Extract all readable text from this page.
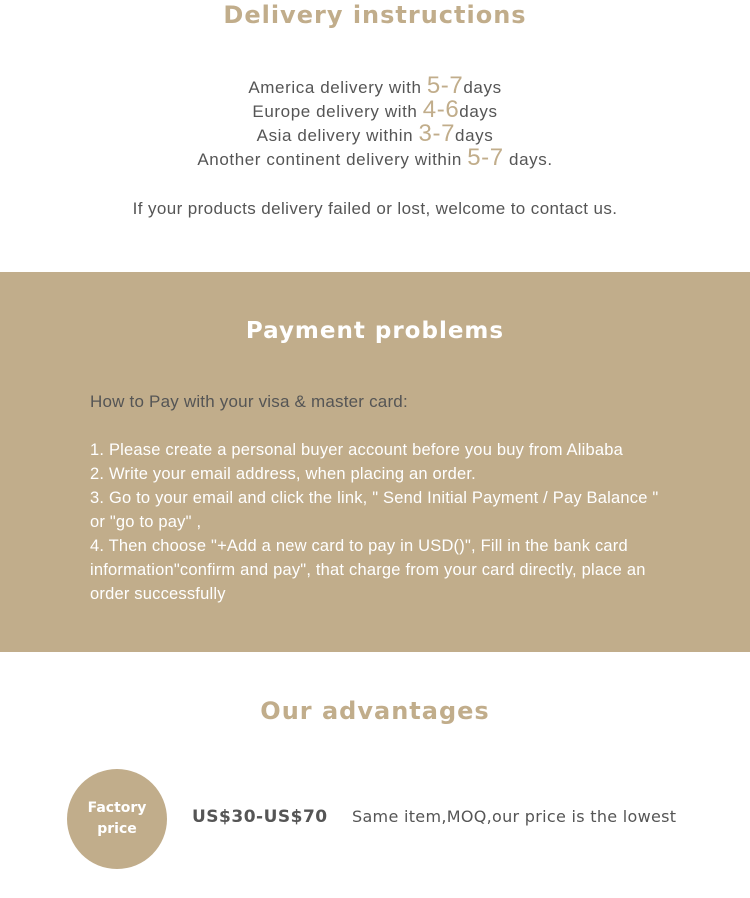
Delivery instructions
America delivery with 5-7days
Europe delivery with 4-6days
Asia delivery within 3-7days
Another continent delivery within 5-7 days.
If your products delivery failed or lost, welcome to contact us.
Payment problems
How to Pay with your visa & master card:

1. Please create a personal buyer account before you buy from Alibaba

2. Write your email address, when placing an order.

3. Go to your email and click the link, " Send Initial Payment / Pay Balance " or "go to pay" ,

4. Then choose "+Add a new card to pay in USD()", Fill in the bank card information"confirm and pay", that charge from your card directly, place an order successfully

Our advantages
Factory price
US$30-US$70 Same item,MOQ,our price is the lowest
